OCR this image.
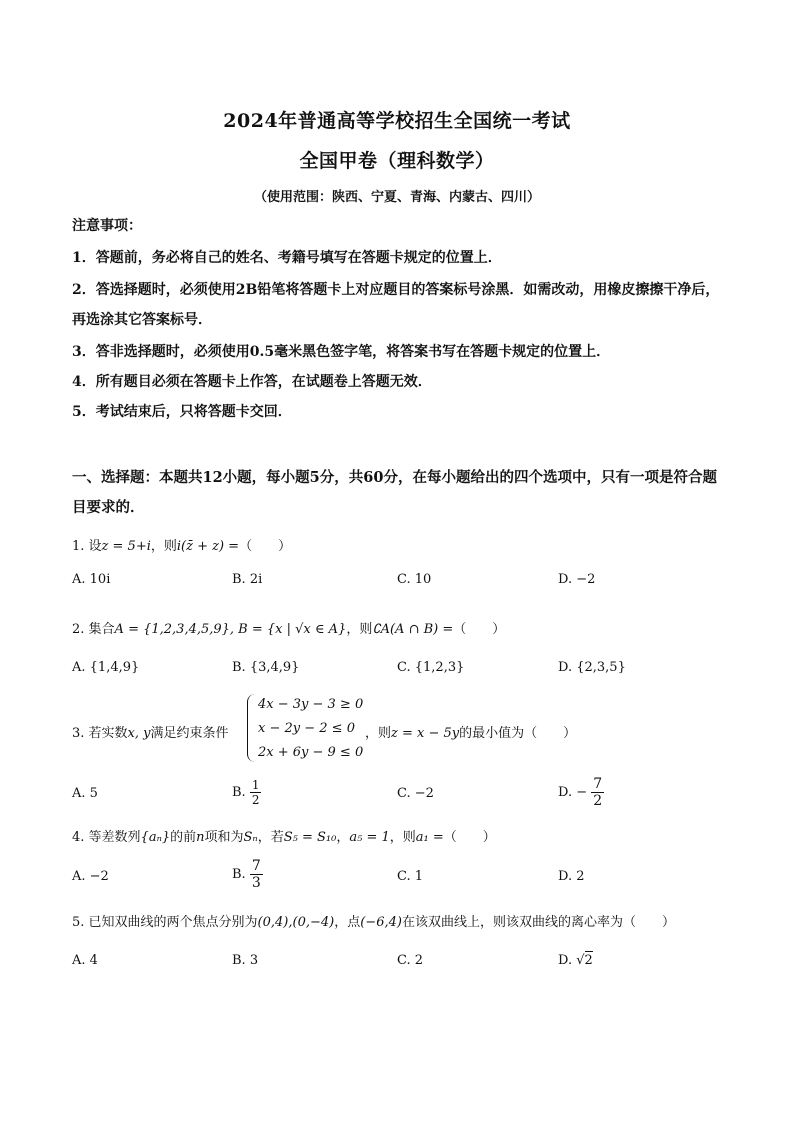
2024年普通高等学校招生全国统一考试
全国甲卷（理科数学）
（使用范围：陕西、宁夏、青海、内蒙古、四川）
注意事项：
1．答题前，务必将自己的姓名、考籍号填写在答题卡规定的位置上．
2．答选择题时，必须使用2B铅笔将答题卡上对应题目的答案标号涂黑．如需改动，用橡皮擦擦干净后，再选涂其它答案标号．
3．答非选择题时，必须使用0.5毫米黑色签字笔，将答案书写在答题卡规定的位置上．
4．所有题目必须在答题卡上作答，在试题卷上答题无效．
5．考试结束后，只将答题卡交回．
一、选择题：本题共12小题，每小题5分，共60分，在每小题给出的四个选项中，只有一项是符合题目要求的．
1. 设z = 5+i，则i(z̄ + z) =（　　）
A. 10i	B. 2i	C. 10	D. −2
2. 集合A = {1,2,3,4,5,9}, B = {x | √x ∈ A}，则∁A(A ∩ B) =（　　）
A. {1,4,9}	B. {3,4,9}	C. {1,2,3}	D. {2,3,5}
3. 若实数x, y满足约束条件
4x − 3y − 3 ≥ 0
x − 2y − 2 ≤ 0
2x + 6y − 9 ≤ 0
，则z = x − 5y的最小值为（　　）
A. 5	B. $\frac{1}{2}$	C. −2	D. − $\frac{7}{2}$
4. 等差数列{aₙ}的前n项和为Sₙ，若S₅ = S₁₀，a₅ = 1，则a₁ =（　　）
A. −2	B. $\frac{7}{3}$	C. 1	D. 2
5. 已知双曲线的两个焦点分别为(0,4),(0,−4)，点(−6,4)在该双曲线上，则该双曲线的离心率为（　　）
A. 4	B. 3	C. 2	D. √2
